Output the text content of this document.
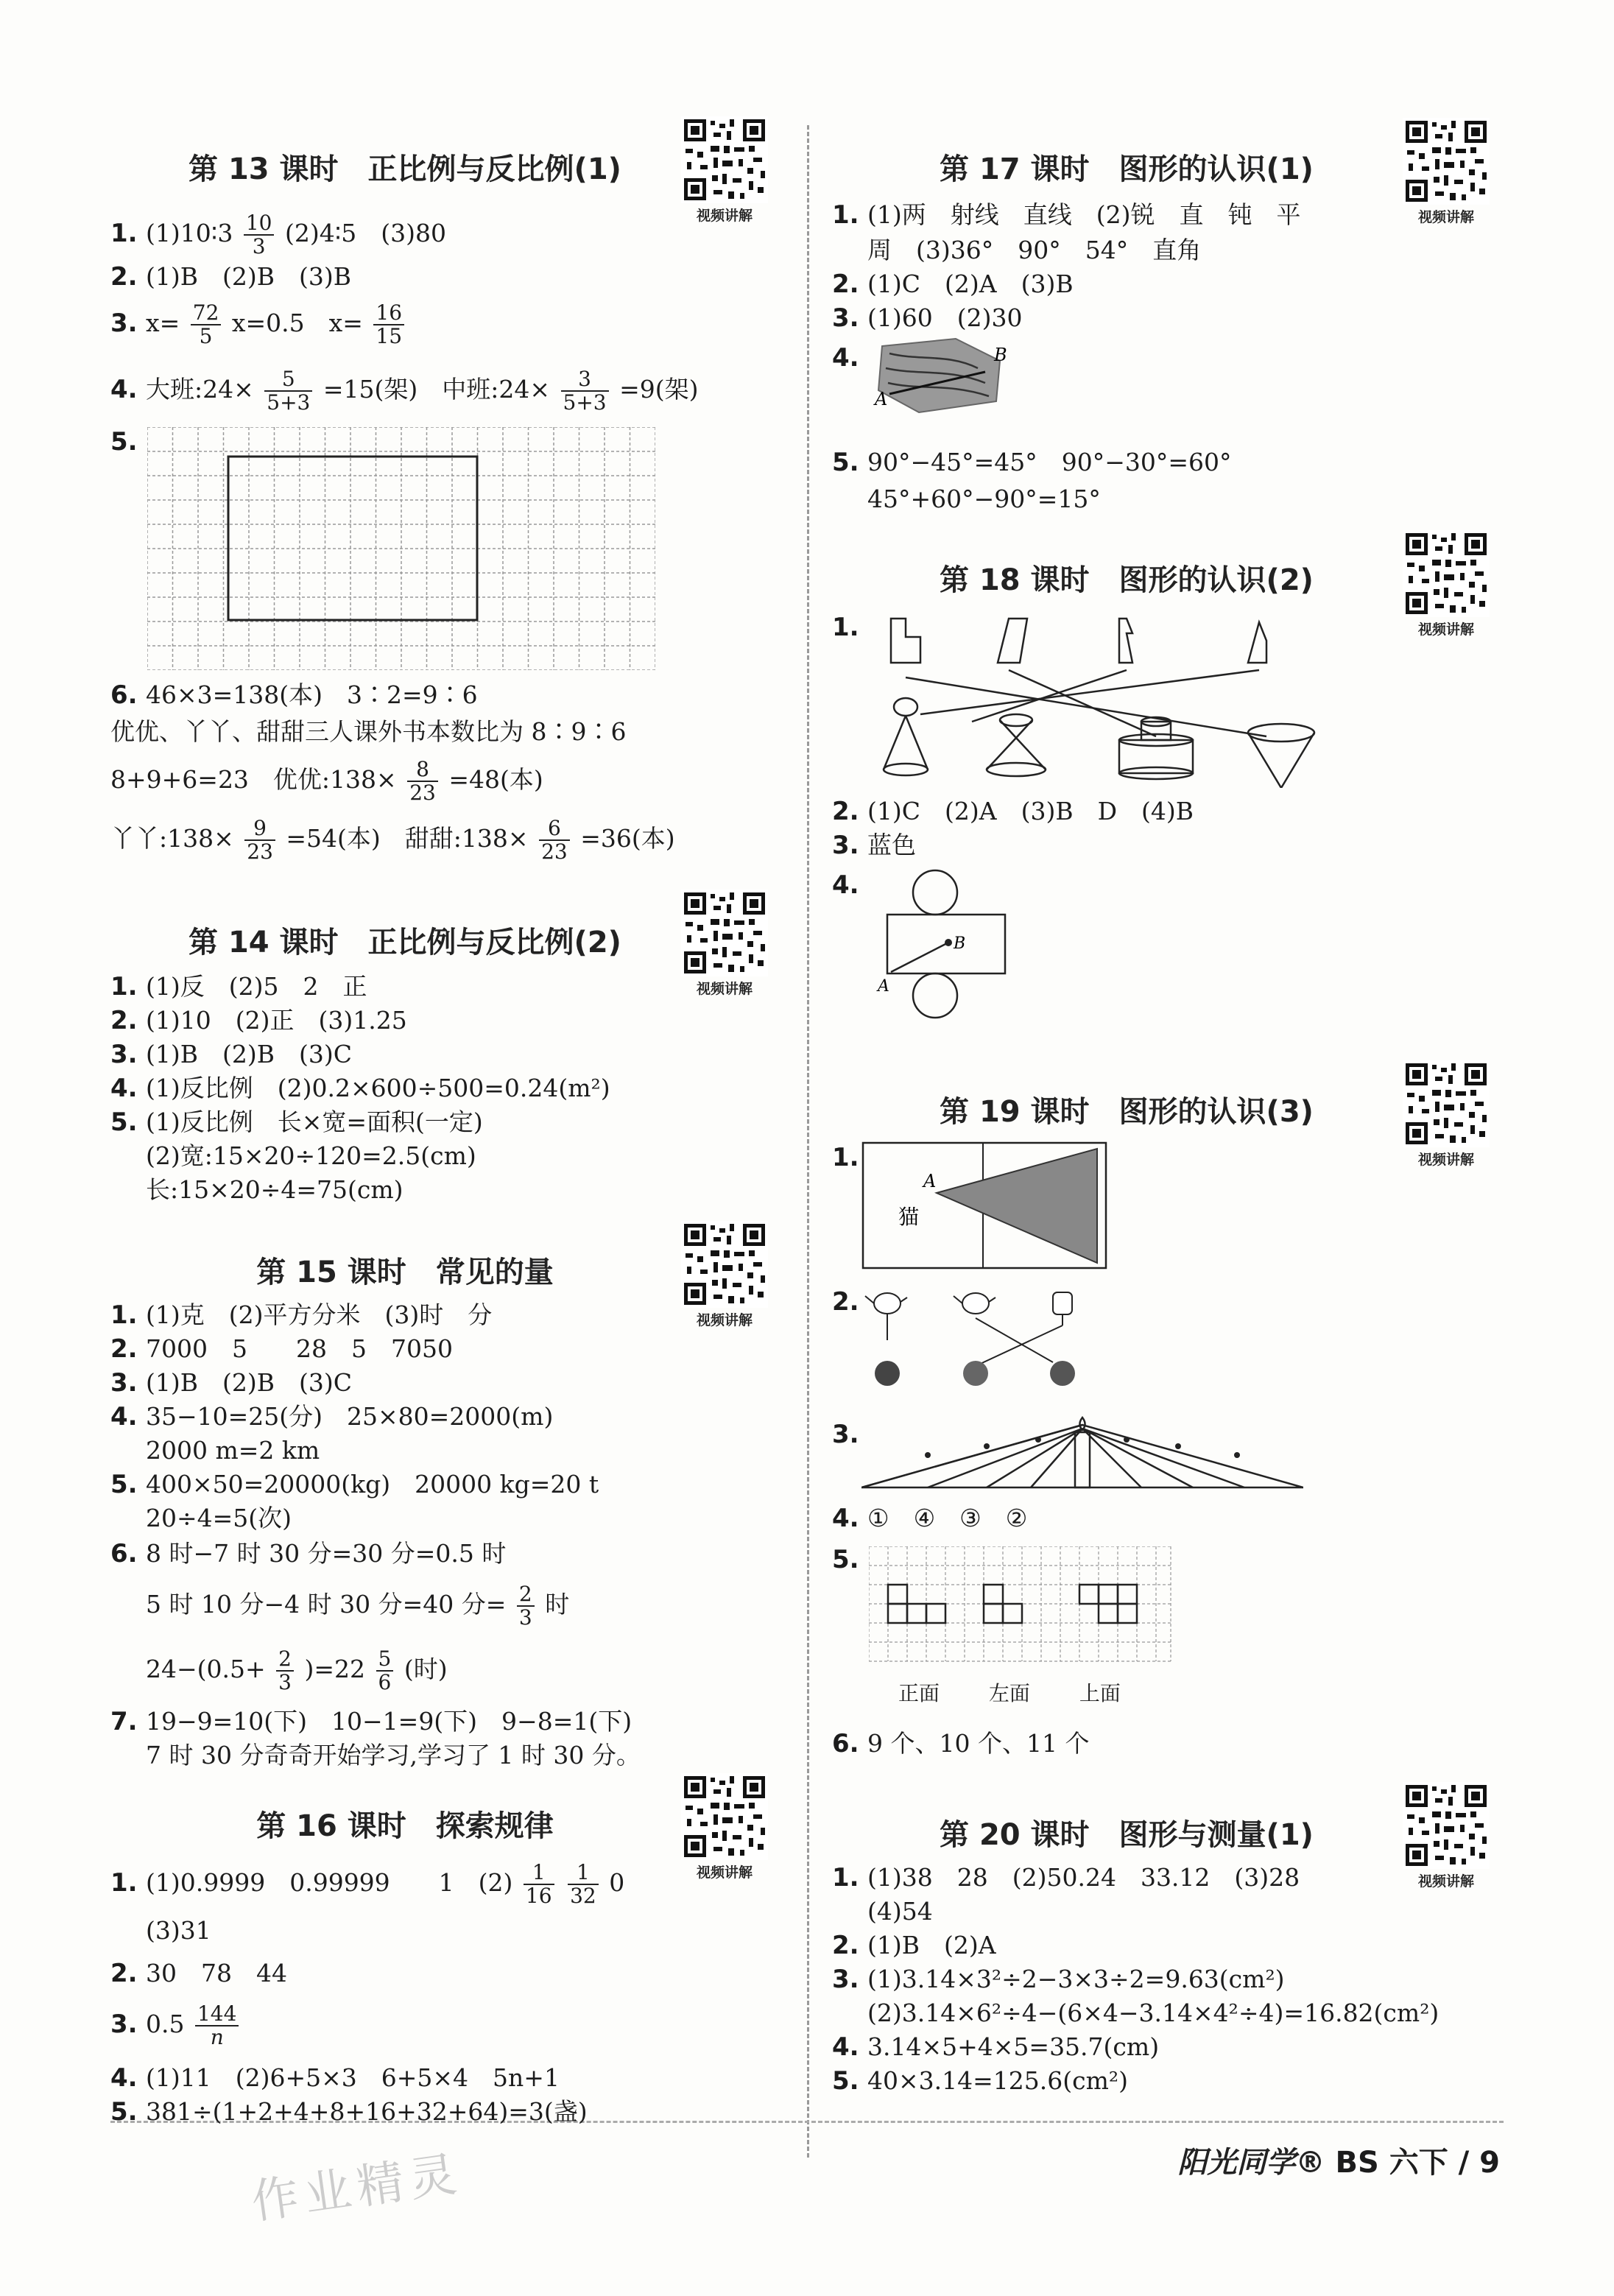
第 13 课时　正比例与反比例(1)
视频讲解
1. (1)10∶3 $\frac{10}{3}$ (2)4∶5　(3)80
2. (1)B　(2)B　(3)B
3. $x= \frac{72}{5} x=0.5$　$x= \frac{16}{15}$
4. 大班:24× $\frac{5}{5+3} =15$(架)　中班:24× $\frac{3}{5+3} =9$(架)
5.
6. 46×3=138(本)　3∶2=9∶6
优优、丫丫、甜甜三人课外书本数比为 8∶9∶6
8+9+6=23　优优:138× $\frac{8}{23} =48$(本)
丫丫:138× $\frac{9}{23} =54$(本)　甜甜:138× $\frac{6}{23} =36$(本)
第 14 课时　正比例与反比例(2)
视频讲解
1. (1)反　(2)5　2　正
2. (1)10　(2)正　(3)1.25
3. (1)B　(2)B　(3)C
4. (1)反比例　(2)0.2×600÷500=0.24(m²)
5. (1)反比例　长×宽=面积(一定)
(2)宽:15×20÷120=2.5(cm)
长:15×20÷4=75(cm)
第 15 课时　常见的量
视频讲解
1. (1)克　(2)平方分米　(3)时　分
2. 7000　5　　28　5　7050
3. (1)B　(2)B　(3)C
4. 35−10=25(分)　25×80=2000(m)
2000 m=2 km
5. 400×50=20000(kg)　20000 kg=20 t
20÷4=5(次)
6. 8 时−7 时 30 分=30 分=0.5 时
5 时 10 分−4 时 30 分=40 分= $\frac{2}{3}$ 时
$24-(0.5+ \frac{2}{3} )=22 \frac{5}{6}$ (时)
7. 19−9=10(下)　10−1=9(下)　9−8=1(下)
7 时 30 分奇奇开始学习,学习了 1 时 30 分。
第 16 课时　探索规律
视频讲解
1. (1)0.9999　0.99999　　1　$(2) \frac{1}{16}$
$\frac{1}{32} 0$
(3)31
2. 30　78　44
3. $0.5 \frac{144}{n}$
4. (1)11　(2)6+5×3　6+5×4　5n+1
5. 381÷(1+2+4+8+16+32+64)=3(盏)
第 17 课时　图形的认识(1)
视频讲解
1. (1)两　射线　直线　(2)锐　直　钝　平
周　(3)36°　90°　54°　直角
2. (1)C　(2)A　(3)B
3. (1)60　(2)30
4.
A
B
5. 90°−45°=45°　90°−30°=60°
45°+60°−90°=15°
第 18 课时　图形的认识(2)
视频讲解
1.
2. (1)C　(2)A　(3)B　D　(4)B
3. 蓝色
4.
B
A
第 19 课时　图形的认识(3)
视频讲解
1.
A
猫
2.
3.
4. ①　④　③　②
5.
正面 左面 上面
6. 9 个、10 个、11 个
第 20 课时　图形与测量(1)
视频讲解
1. (1)38　28　(2)50.24　33.12　(3)28
(4)54
2. (1)B　(2)A
3. (1)3.14×3²÷2−3×3÷2=9.63(cm²)
(2)3.14×6²÷4−(6×4−3.14×4²÷4)=16.82(cm²)
4. 3.14×5+4×5=35.7(cm)
5. 40×3.14=125.6(cm²)
作业精灵	阳光同学® BS 六下 / 9
